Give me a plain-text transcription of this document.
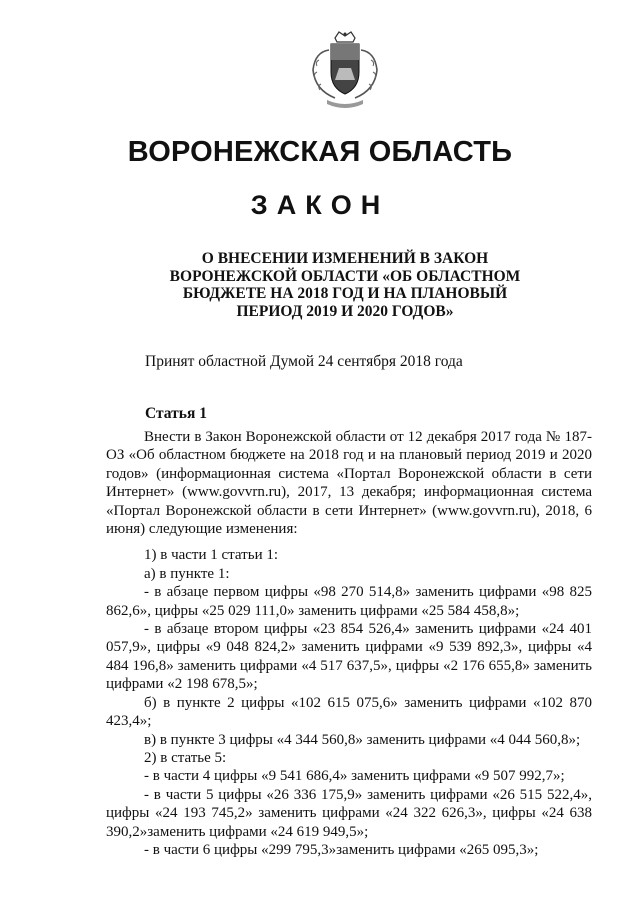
ВОРОНЕЖСКАЯ ОБЛАСТЬ
ЗАКОН
О ВНЕСЕНИИ ИЗМЕНЕНИЙ В ЗАКОН
ВОРОНЕЖСКОЙ ОБЛАСТИ «ОБ ОБЛАСТНОМ
БЮДЖЕТЕ НА 2018 ГОД И НА ПЛАНОВЫЙ
ПЕРИОД 2019 И 2020 ГОДОВ»
Принят областной Думой 24 сентября 2018 года
Статья 1

Внести в Закон Воронежской области от 12 декабря 2017 года № 187-ОЗ «Об областном бюджете на 2018 год и на плановый период 2019 и 2020 годов» (информационная система «Портал Воронежской области в сети Интернет» (www.govvrn.ru), 2017, 13 декабря; информационная система «Портал Воронежской области в сети Интернет» (www.govvrn.ru), 2018, 6 июня) следующие изменения:

1) в части 1 статьи 1:

а) в пункте 1:

- в абзаце первом цифры «98 270 514,8» заменить цифрами «98 825 862,6», цифры «25 029 111,0» заменить цифрами «25 584 458,8»;

- в абзаце втором цифры «23 854 526,4» заменить цифрами «24 401 057,9», цифры «9 048 824,2» заменить цифрами «9 539 892,3», цифры «4 484 196,8» заменить цифрами «4 517 637,5», цифры «2 176 655,8» заменить цифрами «2 198 678,5»;

б) в пункте 2 цифры «102 615 075,6» заменить цифрами «102 870 423,4»;

в) в пункте 3 цифры «4 344 560,8» заменить цифрами «4 044 560,8»;

2) в статье 5:

- в части 4 цифры «9 541 686,4» заменить цифрами «9 507 992,7»;

- в части 5 цифры «26 336 175,9» заменить цифрами «26 515 522,4», цифры «24 193 745,2» заменить цифрами «24 322 626,3», цифры «24 638 390,2»заменить цифрами «24 619 949,5»;

- в части 6 цифры «299 795,3»заменить цифрами «265 095,3»;
